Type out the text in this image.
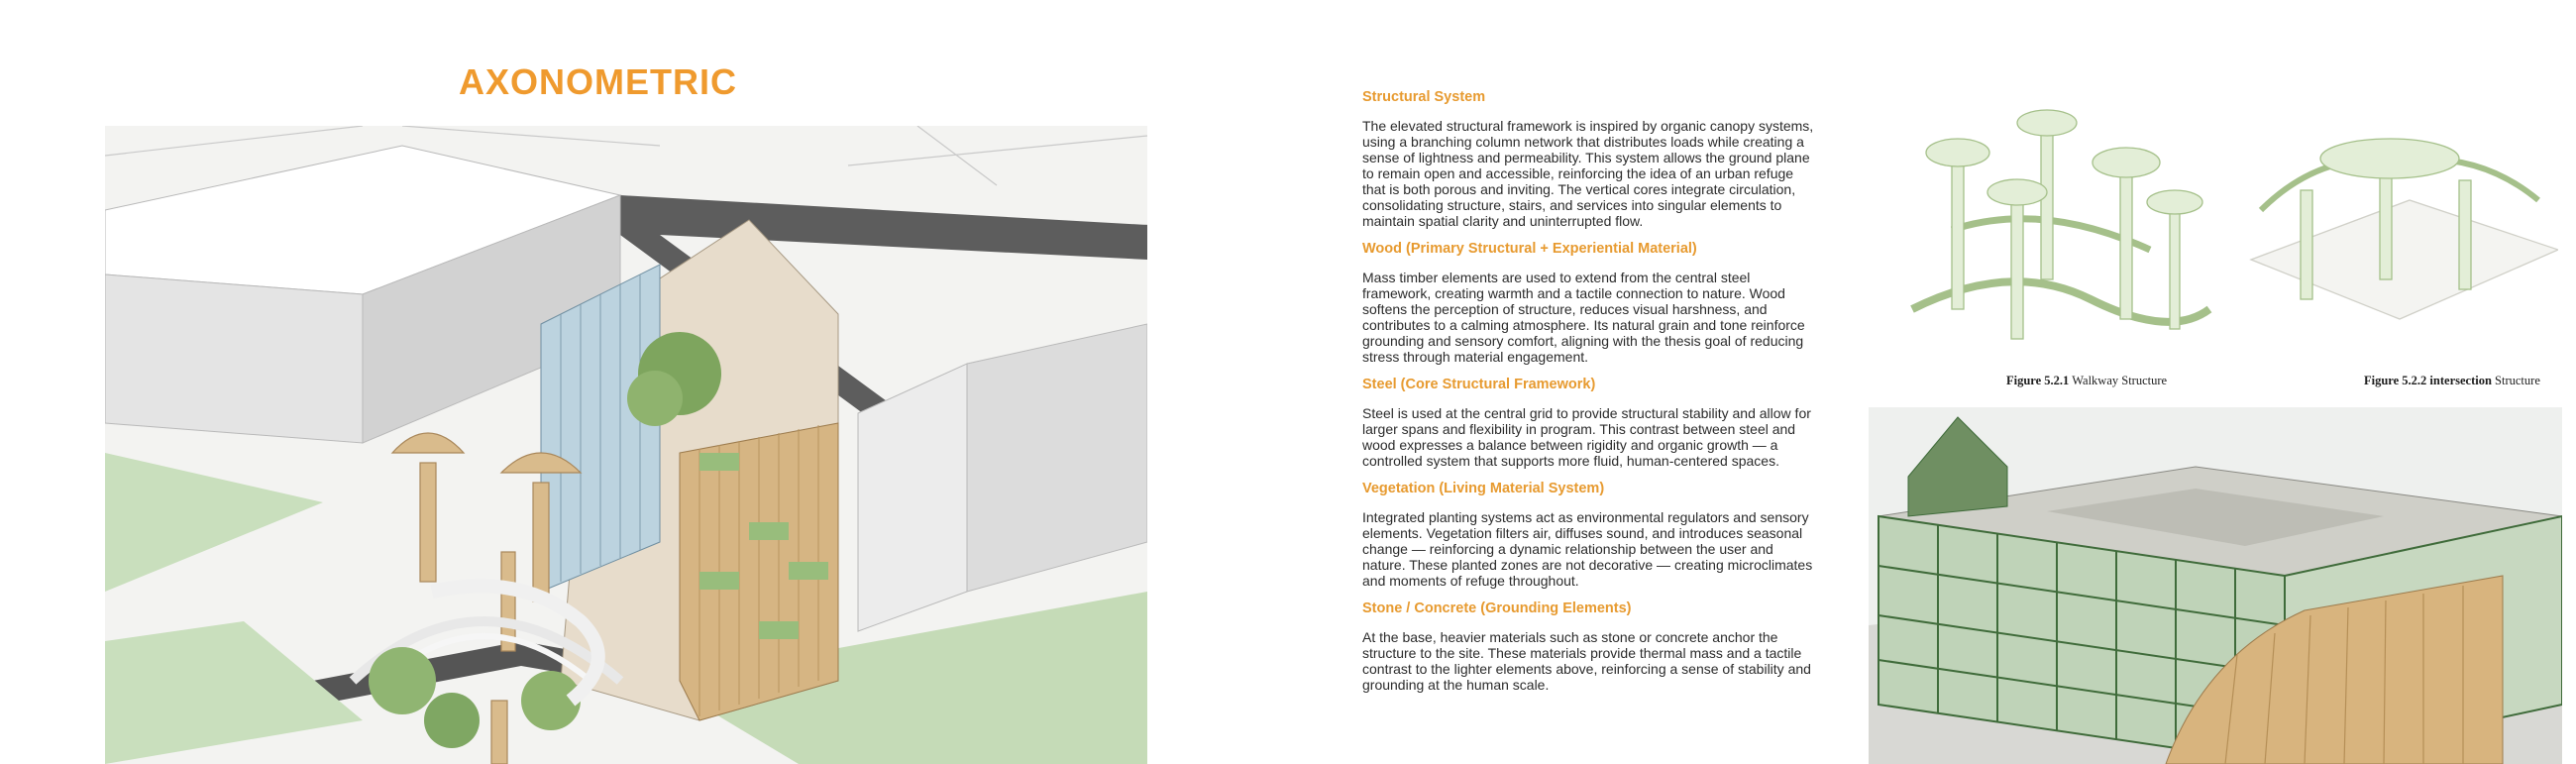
AXONOMETRIC	Structural System
The elevated structural framework is inspired by organic canopy systems, using a branching column network that distributes loads while creating a sense of lightness and permeability. This system allows the ground plane to remain open and accessible, reinforcing the idea of an urban refuge that is both porous and inviting. The vertical cores integrate circulation, consolidating structure, stairs, and services into singular elements to maintain spatial clarity and uninterrupted flow.
Wood (Primary Structural + Experiential Material)
Mass timber elements are used to extend from the central steel framework, creating warmth and a tactile connection to nature. Wood softens the perception of structure, reduces visual harshness, and contributes to a calming atmosphere. Its natural grain and tone reinforce grounding and sensory comfort, aligning with the thesis goal of reducing stress through material engagement.
Steel (Core Structural Framework)
Steel is used at the central grid to provide structural stability and allow for larger spans and flexibility in program. This contrast between steel and wood expresses a balance between rigidity and organic growth — a controlled system that supports more fluid, human-centered spaces.
Vegetation (Living Material System)
Integrated planting systems act as environmental regulators and sensory elements. Vegetation filters air, diffuses sound, and introduces seasonal change — reinforcing a dynamic relationship between the user and nature. These planted zones are not decorative — creating microclimates and moments of refuge throughout.
Stone / Concrete (Grounding Elements)
At the base, heavier materials such as stone or concrete anchor the structure to the site. These materials provide thermal mass and a tactile contrast to the lighter elements above, reinforcing a sense of stability and grounding at the human scale.
Figure 5.2.1 Walkway Structure	Figure 5.2.2 intersection Structure
